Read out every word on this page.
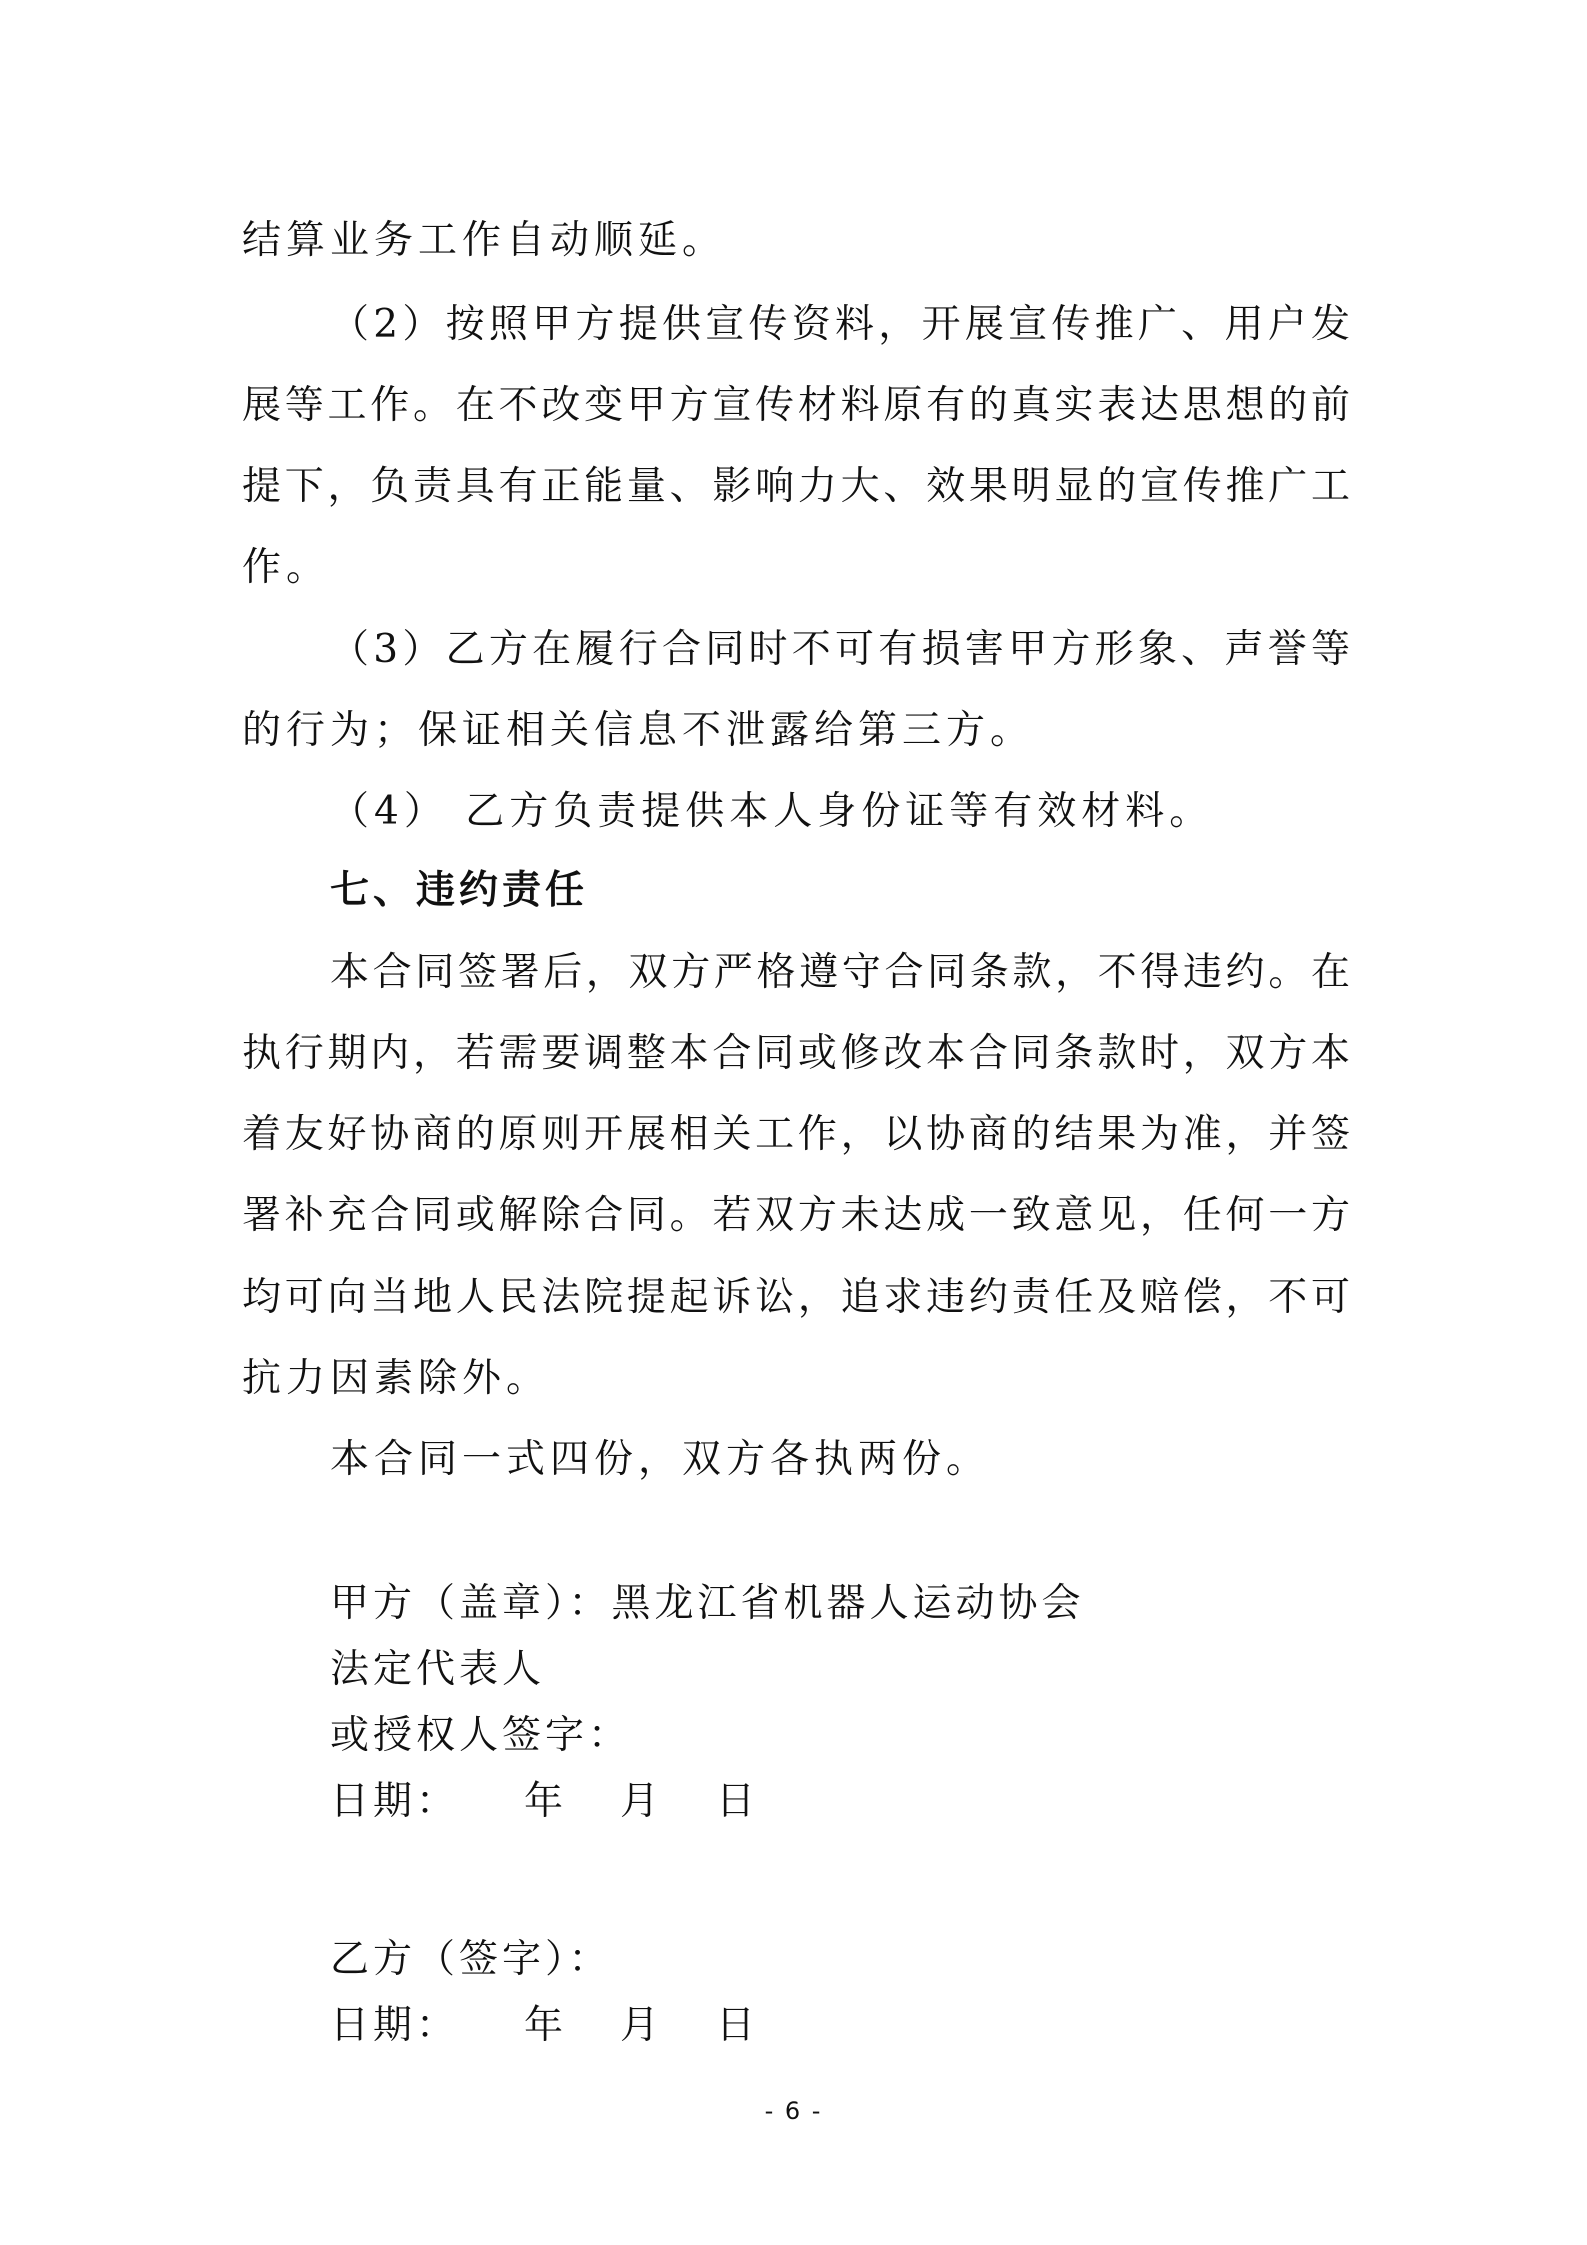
结算业务工作自动顺延。
（2）按照甲方提供宣传资料，开展宣传推广、用户发
展等工作。在不改变甲方宣传材料原有的真实表达思想的前
提下，负责具有正能量、影响力大、效果明显的宣传推广工
作。
（3）乙方在履行合同时不可有损害甲方形象、声誉等
的行为；保证相关信息不泄露给第三方。
（4） 乙方负责提供本人身份证等有效材料。
七、违约责任
本合同签署后，双方严格遵守合同条款，不得违约。在
执行期内，若需要调整本合同或修改本合同条款时，双方本
着友好协商的原则开展相关工作，以协商的结果为准，并签
署补充合同或解除合同。若双方未达成一致意见，任何一方
均可向当地人民法院提起诉讼，追求违约责任及赔偿，不可
抗力因素除外。
本合同一式四份，双方各执两份。
甲方（盖章）：黑龙江省机器人运动协会
法定代表人
或授权人签字：
日期： 年 月 日
乙方（签字）：
日期： 年 月 日
- 6 -
